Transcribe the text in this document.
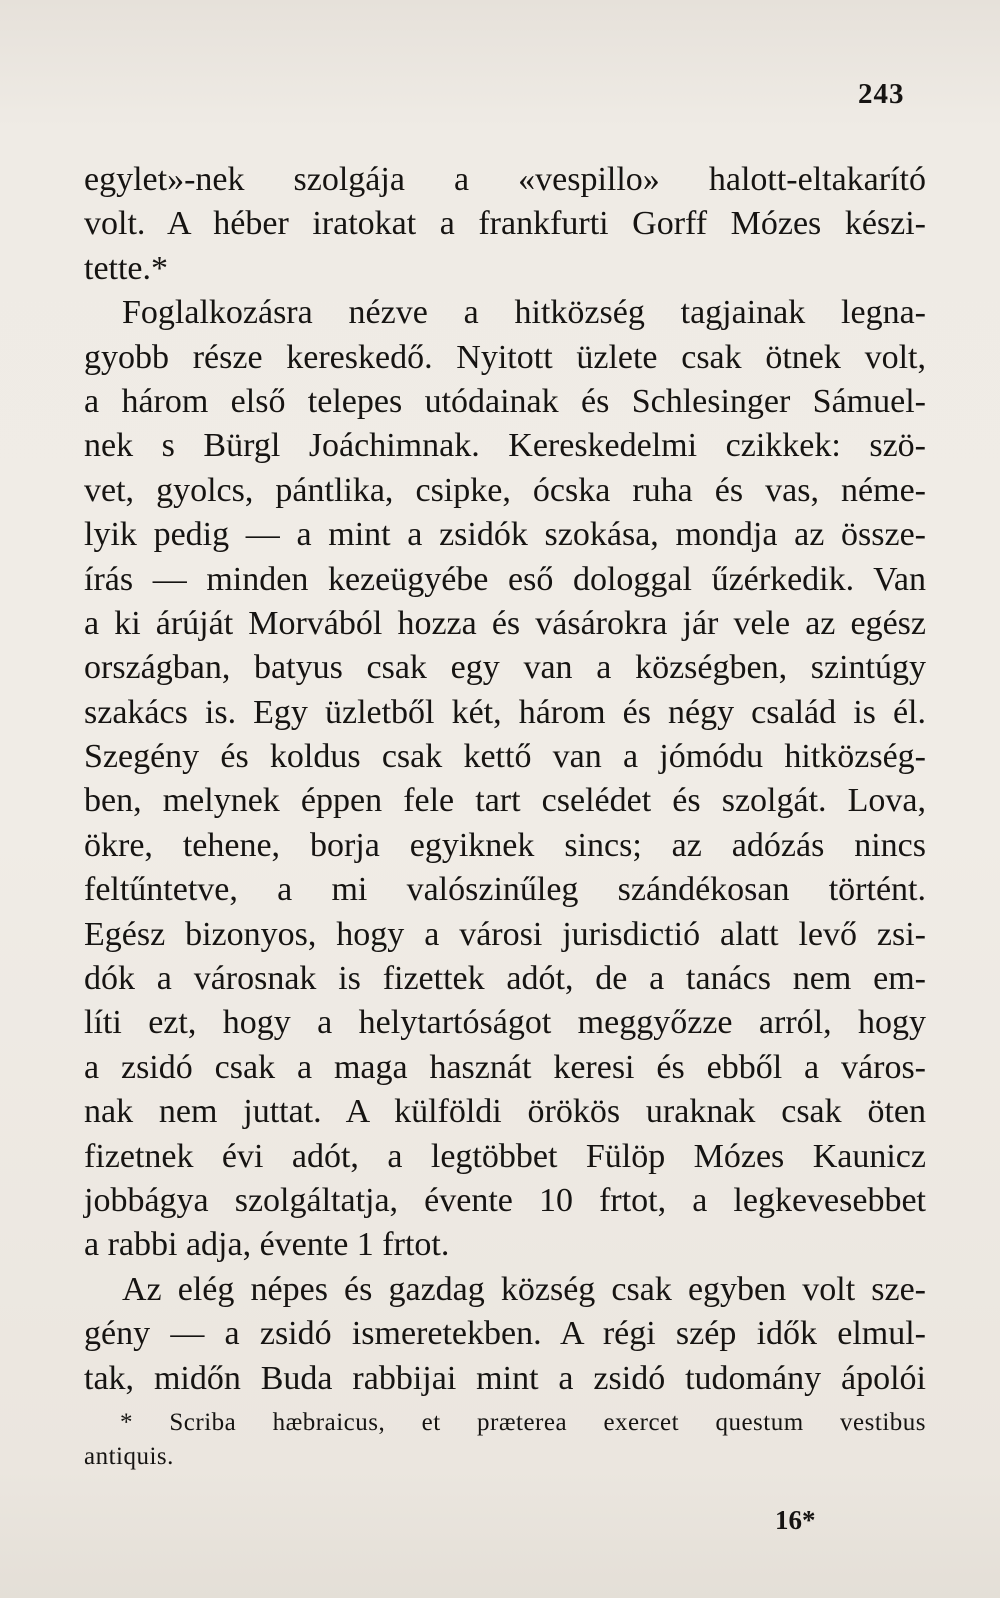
243
egylet»-nek szolgája a «vespillo» halott-eltakarító
volt. A héber iratokat a frankfurti Gorff Mózes készi-
tette.*
Foglalkozásra nézve a hitközség tagjainak legna-
gyobb része kereskedő. Nyitott üzlete csak ötnek volt,
a három első telepes utódainak és Schlesinger Sámuel-
nek s Bürgl Joáchimnak. Kereskedelmi czikkek: szö-
vet, gyolcs, pántlika, csipke, ócska ruha és vas, néme-
lyik pedig — a mint a zsidók szokása, mondja az össze-
írás — minden kezeügyébe eső dologgal űzérkedik. Van
a ki árúját Morvából hozza és vásárokra jár vele az egész
országban, batyus csak egy van a községben, szintúgy
szakács is. Egy üzletből két, három és négy család is él.
Szegény és koldus csak kettő van a jómódu hitközség-
ben, melynek éppen fele tart cselédet és szolgát. Lova,
ökre, tehene, borja egyiknek sincs; az adózás nincs
feltűntetve, a mi valószinűleg szándékosan történt.
Egész bizonyos, hogy a városi jurisdictió alatt levő zsi-
dók a városnak is fizettek adót, de a tanács nem em-
líti ezt, hogy a helytartóságot meggyőzze arról, hogy
a zsidó csak a maga hasznát keresi és ebből a város-
nak nem juttat. A külföldi örökös uraknak csak öten
fizetnek évi adót, a legtöbbet Fülöp Mózes Kaunicz
jobbágya szolgáltatja, évente 10 frtot, a legkevesebbet
a rabbi adja, évente 1 frtot.
Az elég népes és gazdag község csak egyben volt sze-
gény — a zsidó ismeretekben. A régi szép idők elmul-
tak, midőn Buda rabbijai mint a zsidó tudomány ápolói
* Scriba hæbraicus, et præterea exercet questum vestibus
antiquis.
16*
